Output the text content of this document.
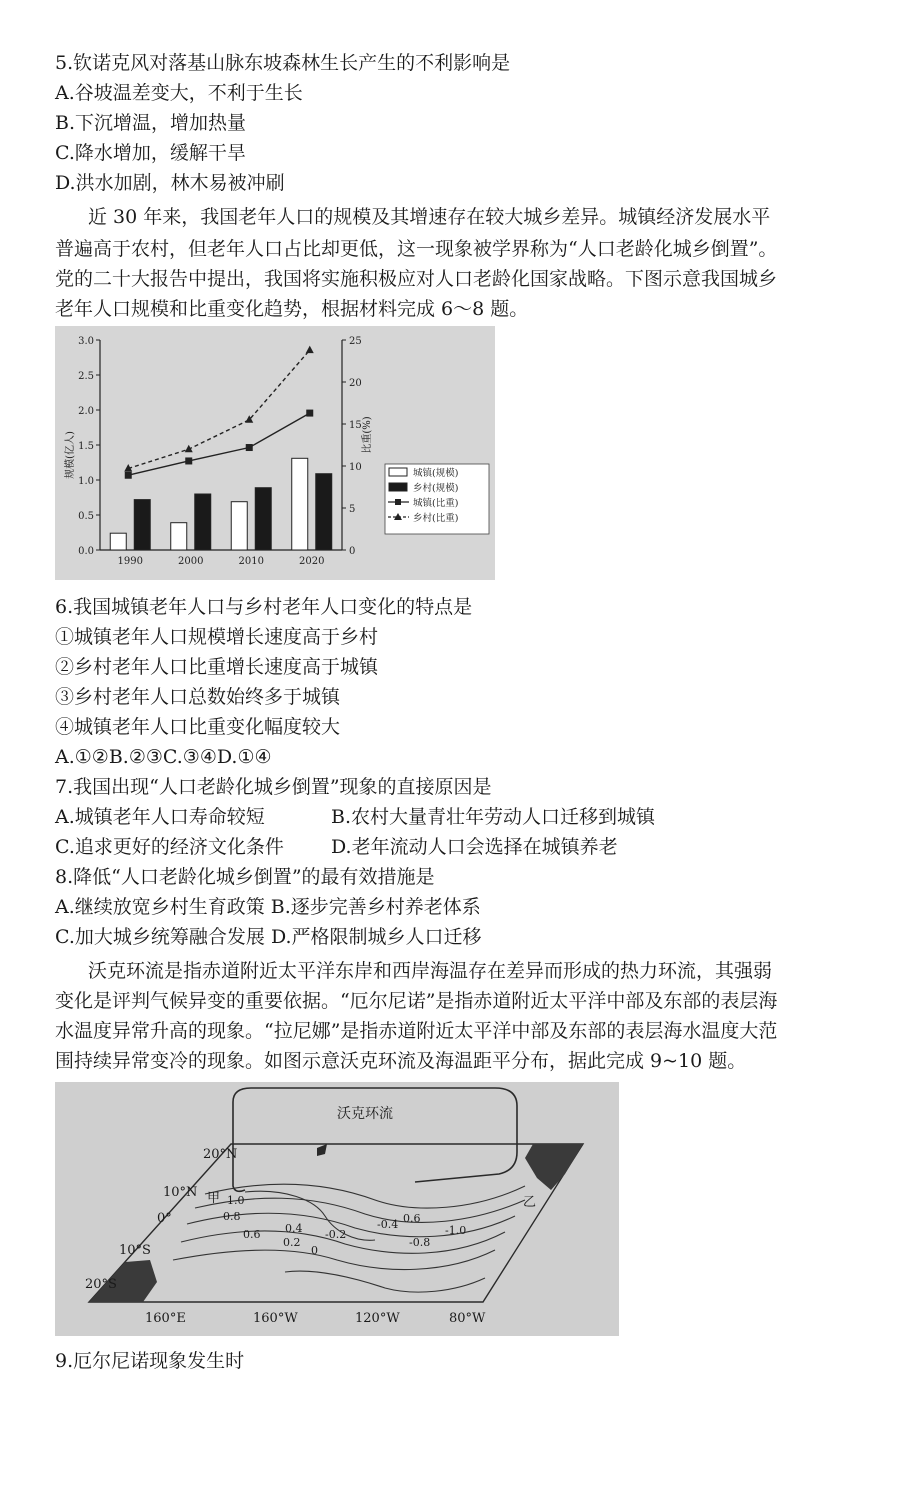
5.钦诺克风对落基山脉东坡森林生长产生的不利影响是
A.谷坡温差变大，不利于生长
B.下沉增温，增加热量
C.降水增加，缓解干旱
D.洪水加剧，林木易被冲刷
近 30 年来，我国老年人口的规模及其增速存在较大城乡差异。城镇经济发展水平
普遍高于农村，但老年人口占比却更低，这一现象被学界称为“人口老龄化城乡倒置”。
党的二十大报告中提出，我国将实施积极应对人口老龄化国家战略。下图示意我国城乡
老年人口规模和比重变化趋势，根据材料完成 6～8 题。
0.0
0.5
1.0
1.5
2.0
2.5
3.0
0
5
10
15
20
25
规模(亿人)	比重(%)
1990	2000	2010	2020
城镇(规模)
乡村(规模)
城镇(比重)
乡村(比重)
6.我国城镇老年人口与乡村老年人口变化的特点是
①城镇老年人口规模增长速度高于乡村
②乡村老年人口比重增长速度高于城镇
③乡村老年人口总数始终多于城镇
④城镇老年人口比重变化幅度较大
A.①②B.②③C.③④D.①④
7.我国出现“人口老龄化城乡倒置”现象的直接原因是
A.城镇老年人口寿命较短	B.农村大量青壮年劳动人口迁移到城镇
C.追求更好的经济文化条件 D.老年流动人口会选择在城镇养老
8.降低“人口老龄化城乡倒置”的最有效措施是
A.继续放宽乡村生育政策 B.逐步完善乡村养老体系
C.加大城乡统筹融合发展 D.严格限制城乡人口迁移
沃克环流是指赤道附近太平洋东岸和西岸海温存在差异而形成的热力环流，其强弱
变化是评判气候异变的重要依据。“厄尔尼诺”是指赤道附近太平洋中部及东部的表层海
水温度异常升高的现象。“拉尼娜”是指赤道附近太平洋中部及东部的表层海水温度大范
围持续异常变冷的现象。如图示意沃克环流及海温距平分布，据此完成 9~10 题。
沃克环流
20°N
10°N
0°
10°S
20°S
160°E	160°W	120°W	80°W
甲	乙
1.0
0.8
0.6 0.4
0.2
0
-0.2
-0.4 0.6
-0.8
-1.0
9.厄尔尼诺现象发生时
